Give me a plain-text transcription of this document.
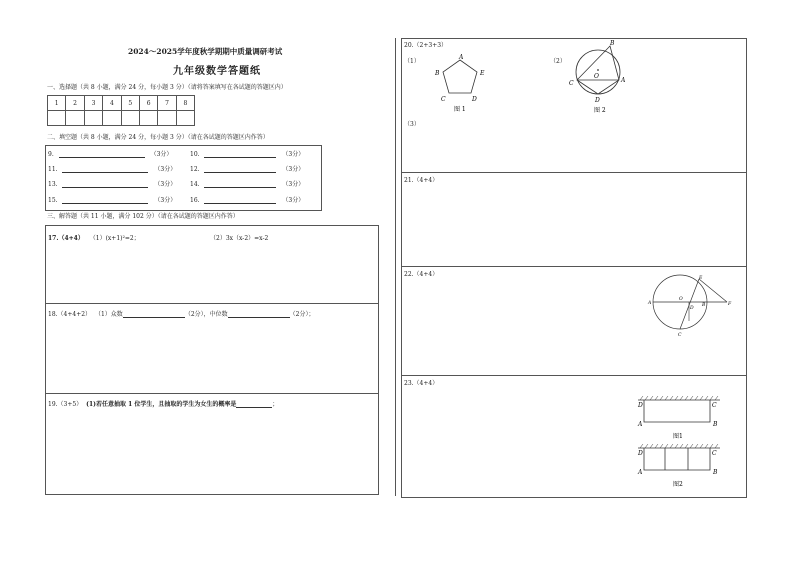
2024～2025学年度秋学期期中质量调研考试
九年级数学答题纸
一、选择题（共 8 小题，满分 24 分，每小题 3 分）（请将答案填写在各试题的答题区内）
1	2	3	4	5	6	7	8

二、填空题（共 8 小题，满分 24 分，每小题 3 分）（请在各试题的答题区内作答）
9.	（3分）	10.	（3分）
11.	（3分） 12.	（3分）
13.	（3分） 14.	（3分）
15.	（3分） 16.	（3分）
三、解答题（共 11 小题，满分 102 分）（请在各试题的答题区内作答）
17.（4+4） （1）(x+1)²=2；	（2）3x（x-2）=x-2
18.（4+4+2） （1）众数	（2分），中位数	（2分）；
19.（3+5） (1)若任意抽取 1 位学生，且抽取的学生为女生的概率是	；
20.（2+3+3）
（1）	（2）
（3）
A
B	E
C	D
图 1
B
O
A
C
D
图 2
21.（4+4）
22.（4+4）
E
A
O
B	F
D
C
23.（4+4）
D	C
A	B
图1
D	C
A	B
图2
